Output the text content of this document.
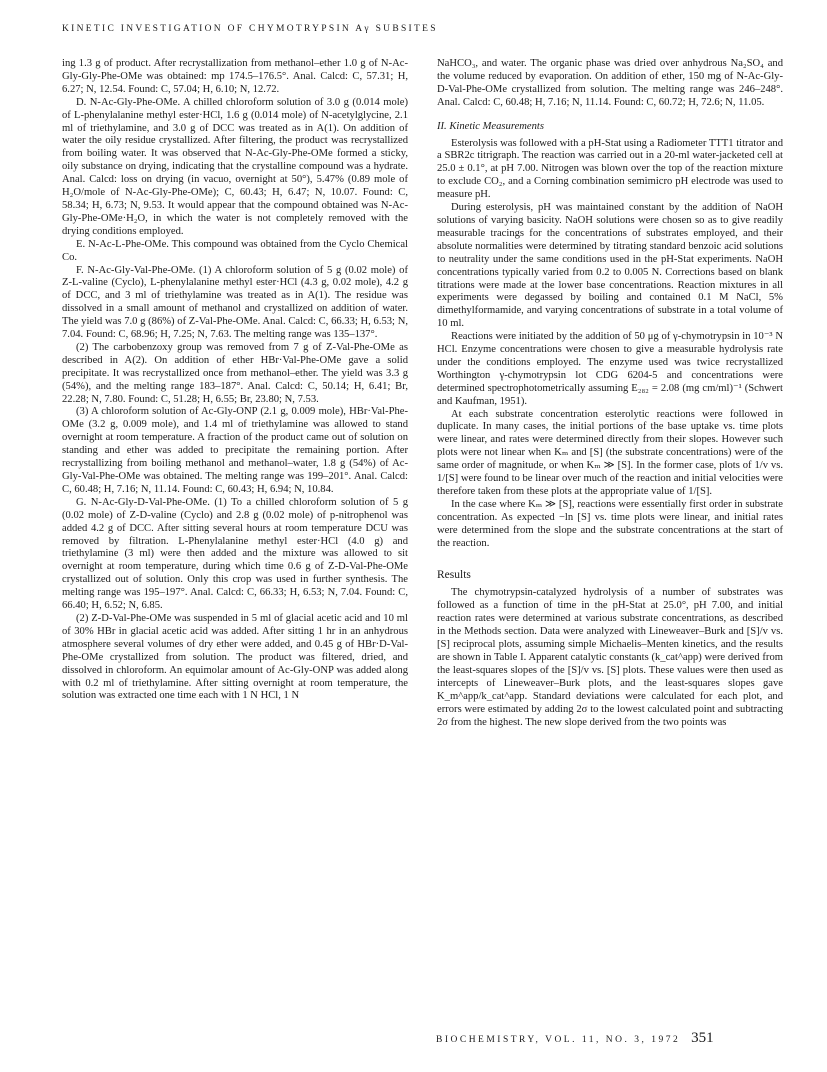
KINETIC INVESTIGATION OF CHYMOTRYPSIN Aγ SUBSITES

ing 1.3 g of product. After recrystallization from methanol–ether 1.0 g of N-Ac-Gly-Gly-Phe-OMe was obtained: mp 174.5–176.5°. Anal. Calcd: C, 57.31; H, 6.27; N, 12.54. Found: C, 57.04; H, 6.10; N, 12.72.

D. N-Ac-Gly-Phe-OMe. A chilled chloroform solution of 3.0 g (0.014 mole) of L-phenylalanine methyl ester·HCl, 1.6 g (0.014 mole) of N-acetylglycine, 2.1 ml of triethylamine, and 3.0 g of DCC was treated as in A(1). On addition of water the oily residue crystallized. After filtering, the product was recrystallized from boiling water. It was observed that N-Ac-Gly-Phe-OMe formed a sticky, oily substance on drying, indicating that the crystalline compound was a hydrate. Anal. Calcd: loss on drying (in vacuo, overnight at 50°), 5.47% (0.89 mole of H₂O/mole of N-Ac-Gly-Phe-OMe); C, 60.43; H, 6.47; N, 10.07. Found: C, 58.34; H, 6.73; N, 9.53. It would appear that the compound obtained was N-Ac-Gly-Phe-OMe·H₂O, in which the water is not completely removed with the drying conditions employed.

E. N-Ac-L-Phe-OMe. This compound was obtained from the Cyclo Chemical Co.

F. N-Ac-Gly-Val-Phe-OMe. (1) A chloroform solution of 5 g (0.02 mole) of Z-L-valine (Cyclo), L-phenylalanine methyl ester·HCl (4.3 g, 0.02 mole), 4.2 g of DCC, and 3 ml of triethylamine was treated as in A(1). The residue was dissolved in a small amount of methanol and crystallized on addition of water. The yield was 7.0 g (86%) of Z-Val-Phe-OMe. Anal. Calcd: C, 66.33; H, 6.53; N, 7.04. Found: C, 68.96; H, 7.25; N, 7.63. The melting range was 135–137°.

(2) The carbobenzoxy group was removed from 7 g of Z-Val-Phe-OMe as described in A(2). On addition of ether HBr·Val-Phe-OMe gave a solid precipitate. It was recrystallized once from methanol–ether. The yield was 3.3 g (54%), and the melting range 183–187°. Anal. Calcd: C, 50.14; H, 6.41; Br, 22.28; N, 7.80. Found: C, 51.28; H, 6.55; Br, 23.80; N, 7.53.

(3) A chloroform solution of Ac-Gly-ONP (2.1 g, 0.009 mole), HBr·Val-Phe-OMe (3.2 g, 0.009 mole), and 1.4 ml of triethylamine was allowed to stand overnight at room temperature. A fraction of the product came out of solution on standing and ether was added to precipitate the remaining portion. After recrystallizing from boiling methanol and methanol–water, 1.8 g (54%) of Ac-Gly-Val-Phe-OMe was obtained. The melting range was 199–201°. Anal. Calcd: C, 60.48; H, 7.16; N, 11.14. Found: C, 60.43; H, 6.94; N, 10.84.

G. N-Ac-Gly-D-Val-Phe-OMe. (1) To a chilled chloroform solution of 5 g (0.02 mole) of Z-D-valine (Cyclo) and 2.8 g (0.02 mole) of p-nitrophenol was added 4.2 g of DCC. After sitting several hours at room temperature DCU was removed by filtration. L-Phenylalanine methyl ester·HCl (4.0 g) and triethylamine (3 ml) were then added and the mixture was allowed to sit overnight at room temperature, during which time 0.6 g of Z-D-Val-Phe-OMe crystallized out of solution. Only this crop was used in further synthesis. The melting range was 195–197°. Anal. Calcd: C, 66.33; H, 6.53; N, 7.04. Found: C, 66.40; H, 6.52; N, 6.85.

(2) Z-D-Val-Phe-OMe was suspended in 5 ml of glacial acetic acid and 10 ml of 30% HBr in glacial acetic acid was added. After sitting 1 hr in an anhydrous atmosphere several volumes of dry ether were added, and 0.45 g of HBr·D-Val-Phe-OMe crystallized from solution. The product was filtered, dried, and dissolved in chloroform. An equimolar amount of Ac-Gly-ONP was added along with 0.2 ml of triethylamine. After sitting overnight at room temperature, the solution was extracted one time each with 1 N HCl, 1 N

NaHCO₃, and water. The organic phase was dried over anhydrous Na₂SO₄ and the volume reduced by evaporation. On addition of ether, 150 mg of N-Ac-Gly-D-Val-Phe-OMe crystallized from solution. The melting range was 246–248°. Anal. Calcd: C, 60.48; H, 7.16; N, 11.14. Found: C, 60.72; H, 72.6; N, 11.05.

II. Kinetic Measurements

Esterolysis was followed with a pH-Stat using a Radiometer TTT1 titrator and a SBR2c titrigraph. The reaction was carried out in a 20-ml water-jacketed cell at 25.0 ± 0.1°, at pH 7.00. Nitrogen was blown over the top of the reaction mixture to exclude CO₂, and a Corning combination semimicro pH electrode was used to measure pH.

During esterolysis, pH was maintained constant by the addition of NaOH solutions of varying basicity. NaOH solutions were chosen so as to give readily measurable tracings for the concentrations of substrates employed, and their absolute normalities were determined by titrating standard benzoic acid solutions to neutrality under the same conditions used in the pH-Stat experiments. NaOH concentrations typically varied from 0.2 to 0.005 N. Corrections based on blank titrations were made at the lower base concentrations. Reaction mixtures in all experiments were degassed by boiling and contained 0.1 M NaCl, 5% dimethylformamide, and varying concentrations of substrate in a total volume of 10 ml.

Reactions were initiated by the addition of 50 μg of γ-chymotrypsin in 10⁻³ N HCl. Enzyme concentrations were chosen to give a measurable hydrolysis rate under the conditions employed. The enzyme used was twice recrystallized Worthington γ-chymotrypsin lot CDG 6204-5 and concentrations were determined spectrophotometrically assuming E₂₈₂ = 2.08 (mg cm/ml)⁻¹ (Schwert and Kaufman, 1951).

At each substrate concentration esterolytic reactions were followed in duplicate. In many cases, the initial portions of the base uptake vs. time plots were linear, and rates were determined directly from their slopes. However such plots were not linear when Kₘ and [S] (the substrate concentrations) were of the same order of magnitude, or when Kₘ ≫ [S]. In the former case, plots of 1/v vs. 1/[S] were found to be linear over much of the reaction and initial velocities were therefore taken from these plots at the appropriate value of 1/[S].

In the case where Kₘ ≫ [S], reactions were essentially first order in substrate concentration. As expected −ln [S] vs. time plots were linear, and initial rates were determined from the slope and the substrate concentrations at the start of the reaction.

Results

The chymotrypsin-catalyzed hydrolysis of a number of substrates was followed as a function of time in the pH-Stat at 25.0°, pH 7.00, and initial reaction rates were determined at various substrate concentrations, as described in the Methods section. Data were analyzed with Lineweaver–Burk and [S]/v vs. [S] reciprocal plots, assuming simple Michaelis–Menten kinetics, and the results are shown in Table I. Apparent catalytic constants (k_cat^app) were derived from the least-squares slopes of the [S]/v vs. [S] plots. These values were then used as intercepts of Lineweaver–Burk plots, and the least-squares slopes gave K_m^app/k_cat^app. Standard deviations were calculated for each plot, and errors were estimated by adding 2σ to the lowest calculated point and subtracting 2σ from the highest. The new slope derived from the two points was

BIOCHEMISTRY, VOL. 11, NO. 3, 1972 351
